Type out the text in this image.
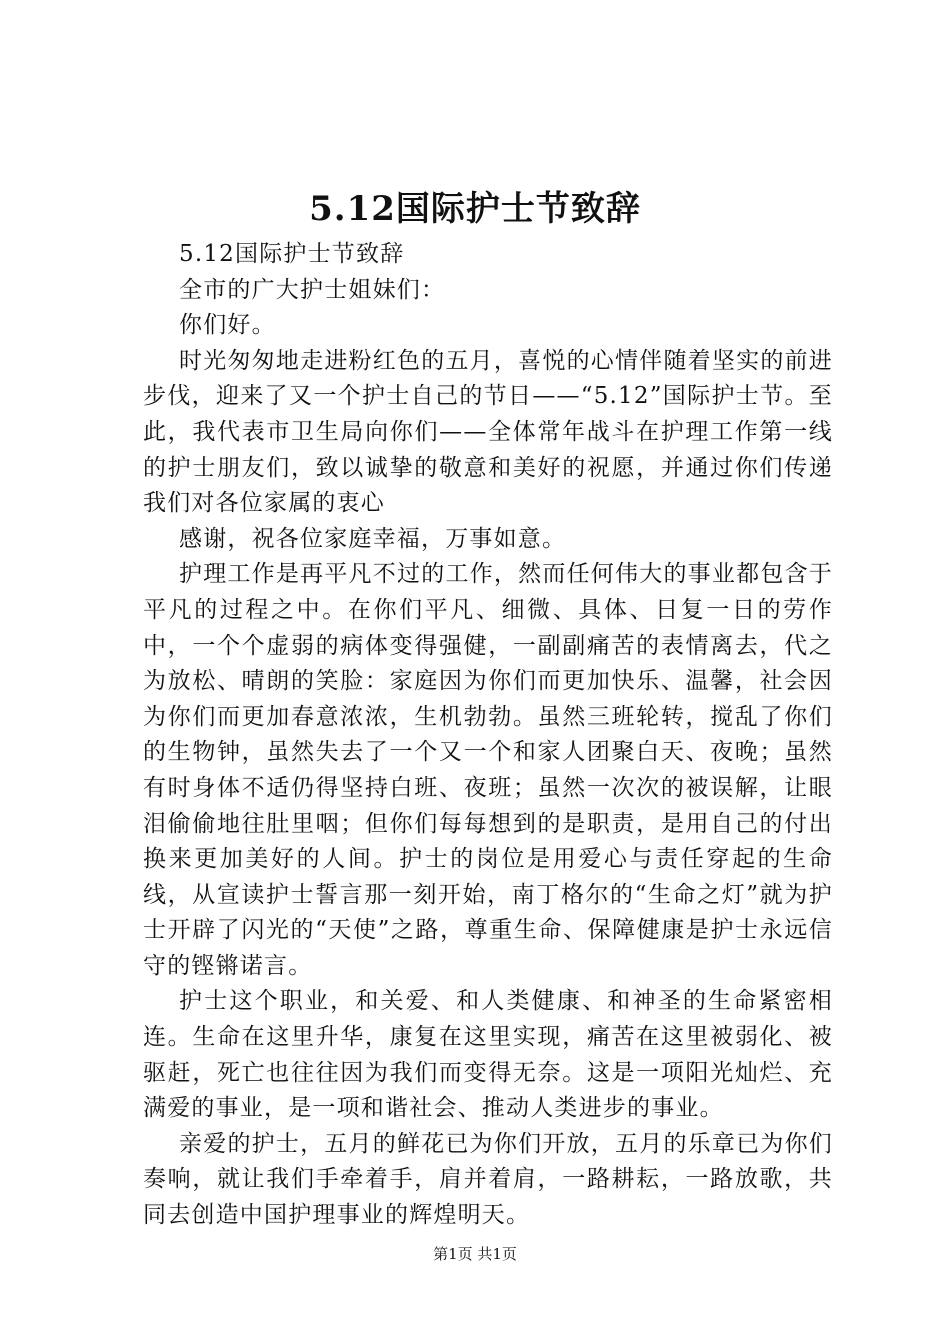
5.12国际护士节致辞

5.12国际护士节致辞

全市的广大护士姐妹们：

你们好。

时光匆匆地走进粉红色的五月，喜悦的心情伴随着坚实的前进步伐，迎来了又一个护士自己的节日——“5.12”国际护士节。至此，我代表市卫生局向你们——全体常年战斗在护理工作第一线的护士朋友们，致以诚挚的敬意和美好的祝愿，并通过你们传递我们对各位家属的衷心

感谢，祝各位家庭幸福，万事如意。

护理工作是再平凡不过的工作，然而任何伟大的事业都包含于平凡的过程之中。在你们平凡、细微、具体、日复一日的劳作中，一个个虚弱的病体变得强健，一副副痛苦的表情离去，代之为放松、晴朗的笑脸：家庭因为你们而更加快乐、温馨，社会因为你们而更加春意浓浓，生机勃勃。虽然三班轮转，搅乱了你们的生物钟，虽然失去了一个又一个和家人团聚白天、夜晚；虽然有时身体不适仍得坚持白班、夜班；虽然一次次的被误解，让眼泪偷偷地往肚里咽；但你们每每想到的是职责，是用自己的付出换来更加美好的人间。护士的岗位是用爱心与责任穿起的生命线，从宣读护士誓言那一刻开始，南丁格尔的“生命之灯”就为护士开辟了闪光的“天使”之路，尊重生命、保障健康是护士永远信守的铿锵诺言。

护士这个职业，和关爱、和人类健康、和神圣的生命紧密相连。生命在这里升华，康复在这里实现，痛苦在这里被弱化、被驱赶，死亡也往往因为我们而变得无奈。这是一项阳光灿烂、充满爱的事业，是一项和谐社会、推动人类进步的事业。

亲爱的护士，五月的鲜花已为你们开放，五月的乐章已为你们奏响，就让我们手牵着手，肩并着肩，一路耕耘，一路放歌，共同去创造中国护理事业的辉煌明天。

第1页 共1页
